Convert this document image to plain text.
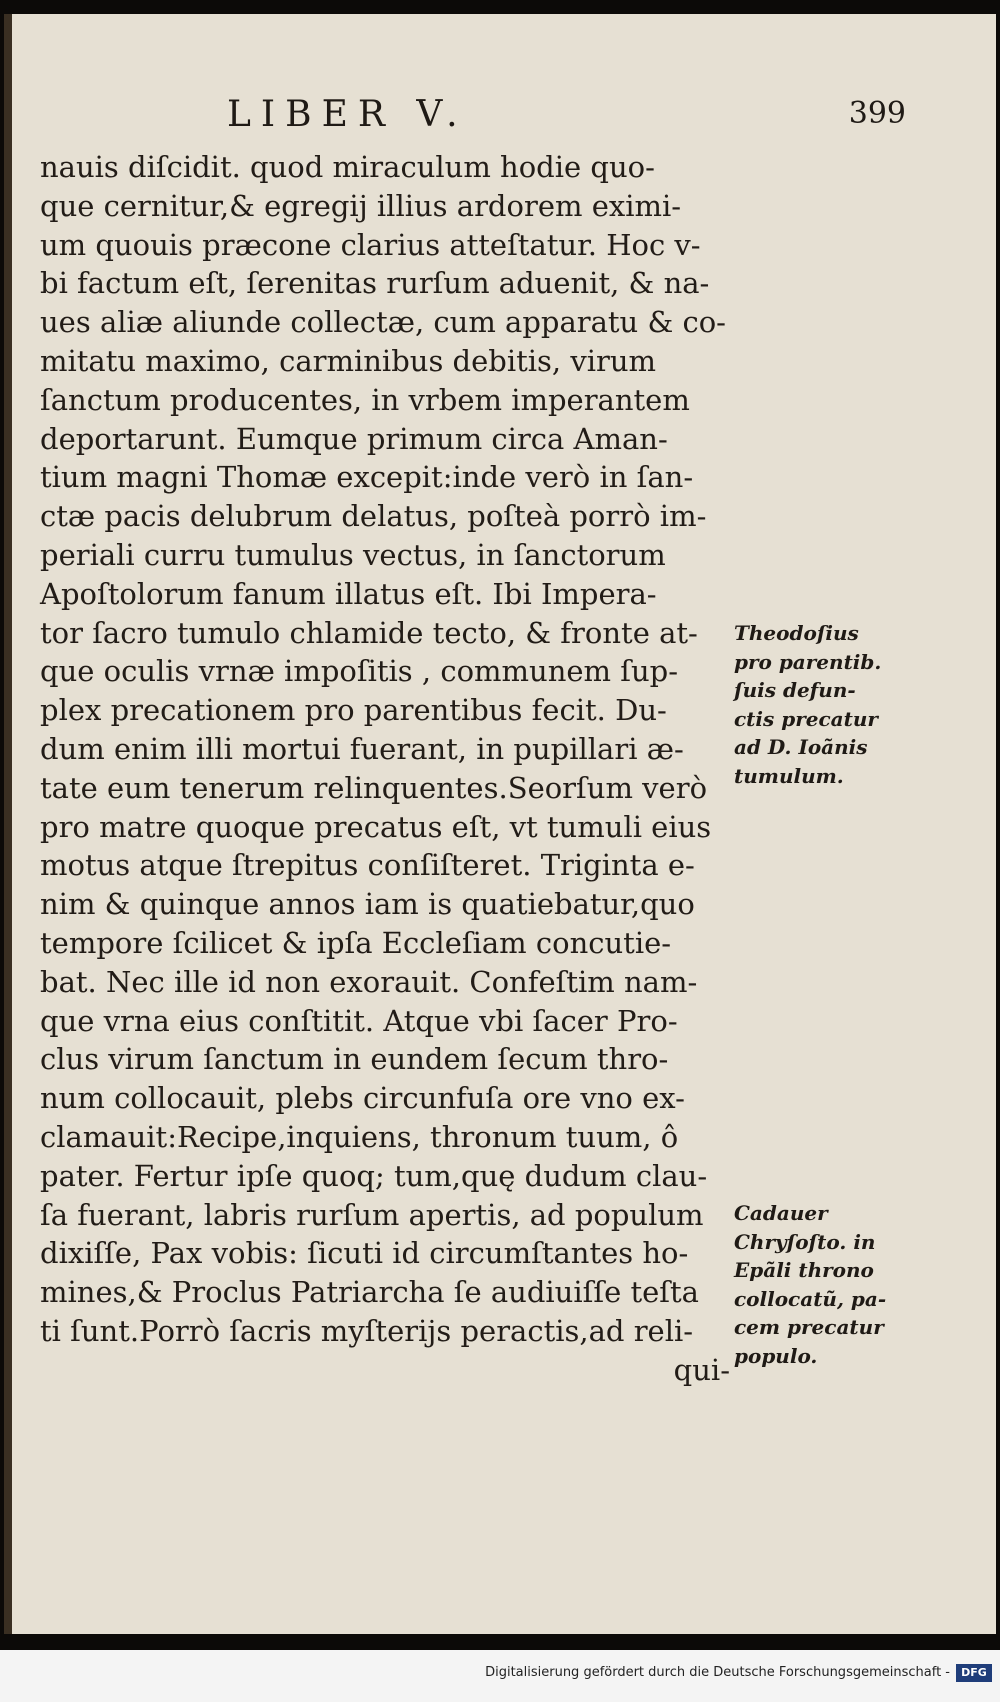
LIBER V.	399
nauis diſcidit. quod miraculum hodie quo-
que cernitur,& egregij illius ardorem eximi-
um quouis præcone clarius atteſtatur. Hoc v-
bi factum eſt, ſerenitas rurſum aduenit, & na-
ues aliæ aliunde collectæ, cum apparatu & co-
mitatu maximo, carminibus debitis, virum
ſanctum producentes, in vrbem imperantem
deportarunt. Eumque primum circa Aman-
tium magni Thomæ excepit:inde verò in ſan-
ctæ pacis delubrum delatus, poſteà porrò im-
periali curru tumulus vectus, in ſanctorum
Apoſtolorum fanum illatus eſt. Ibi Impera-
tor ſacro tumulo chlamide tecto, & fronte at-
que oculis vrnæ impoſitis , communem ſup-
plex precationem pro parentibus fecit. Du-
dum enim illi mortui fuerant, in pupillari æ-
tate eum tenerum relinquentes.Seorſum verò
pro matre quoque precatus eſt, vt tumuli eius
motus atque ſtrepitus conſiſteret. Triginta e-
nim & quinque annos iam is quatiebatur,quo
tempore ſcilicet & ipſa Eccleſiam concutie-
bat. Nec ille id non exorauit. Confeſtim nam-
que vrna eius conſtitit. Atque vbi ſacer Pro-
clus virum ſanctum in eundem ſecum thro-
num collocauit, plebs circunfuſa ore vno ex-
clamauit:Recipe,inquiens, thronum tuum, ô
pater. Fertur ipſe quoq; tum,quę dudum clau-
ſa fuerant, labris rurſum apertis, ad populum
dixiſſe, Pax vobis: ſicuti id circumſtantes ho-
mines,& Proclus Patriarcha ſe audiuiſſe teſta
ti ſunt.Porrò ſacris myſterijs peractis,ad reli-
qui-
Theodoſius
pro parentib.
ſuis defun-
ctis precatur
ad D. Ioãnis
tumulum.
Cadauer
Chryſoſto. in
Epãli throno
collocatũ, pa-
cem precatur
populo.
Digitalisierung gefördert durch die Deutsche Forschungsgemeinschaft -	DFG
